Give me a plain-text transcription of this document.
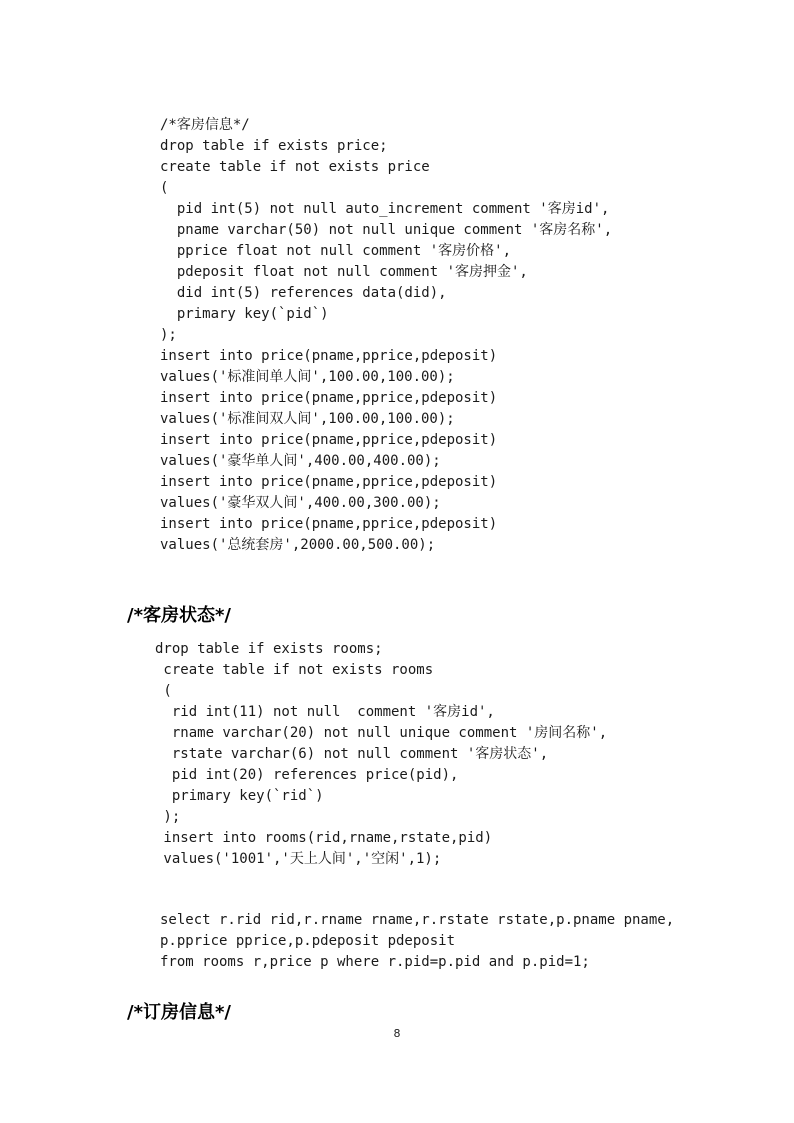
/*客房信息*/
drop table if exists price;
create table if not exists price
(
pid int(5) not null auto_increment comment '客房id',
pname varchar(50) not null unique comment '客房名称',
pprice float not null comment '客房价格',
pdeposit float not null comment '客房押金',
did int(5) references data(did),
primary key(`pid`)
);
insert into price(pname,pprice,pdeposit)
values('标准间单人间',100.00,100.00);
insert into price(pname,pprice,pdeposit)
values('标准间双人间',100.00,100.00);
insert into price(pname,pprice,pdeposit)
values('豪华单人间',400.00,400.00);
insert into price(pname,pprice,pdeposit)
values('豪华双人间',400.00,300.00);
insert into price(pname,pprice,pdeposit)
values('总统套房',2000.00,500.00);
/*客房状态*/
drop table if exists rooms;
create table if not exists rooms
(
rid int(11) not null  comment '客房id',
rname varchar(20) not null unique comment '房间名称',
rstate varchar(6) not null comment '客房状态',
pid int(20) references price(pid),
primary key(`rid`)
);
insert into rooms(rid,rname,rstate,pid)
values('1001','天上人间','空闲',1);
select r.rid rid,r.rname rname,r.rstate rstate,p.pname pname,
p.pprice pprice,p.pdeposit pdeposit
from rooms r,price p where r.pid=p.pid and p.pid=1;
/*订房信息*/
8
